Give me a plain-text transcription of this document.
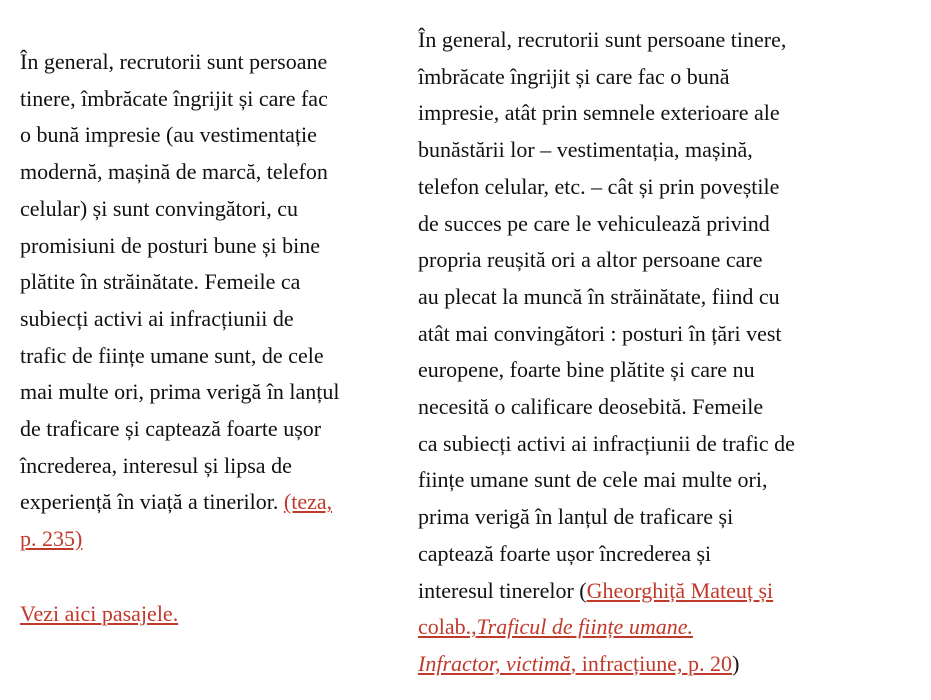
În general, recrutorii sunt persoane
tinere, îmbrăcate îngrijit și care fac
o bună impresie (au vestimentație
modernă, mașină de marcă, telefon
celular) și sunt convingători, cu
promisiuni de posturi bune și bine
plătite în străinătate. Femeile ca
subiecți activi ai infracțiunii de
trafic de ființe umane sunt, de cele
mai multe ori, prima verigă în lanțul
de traficare și captează foarte ușor
încrederea, interesul și lipsa de
experiență în viață a tinerilor. (teza,
p. 235)
Vezi aici pasajele.
În general, recrutorii sunt persoane tinere,
îmbrăcate îngrijit și care fac o bună
impresie, atât prin semnele exterioare ale
bunăstării lor – vestimentația, mașină,
telefon celular, etc. – cât și prin poveștile
de succes pe care le vehiculează privind
propria reușită ori a altor persoane care
au plecat la muncă în străinătate, fiind cu
atât mai convingători : posturi în țări vest
europene, foarte bine plătite și care nu
necesită o calificare deosebită. Femeile
ca subiecți activi ai infracțiunii de trafic de
ființe umane sunt de cele mai multe ori,
prima verigă în lanțul de traficare și
captează foarte ușor încrederea și
interesul tinerelor (Gheorghiță Mateuț și
colab.,Traficul de ființe umane.
Infractor, victimă, infracțiune, p. 20)
